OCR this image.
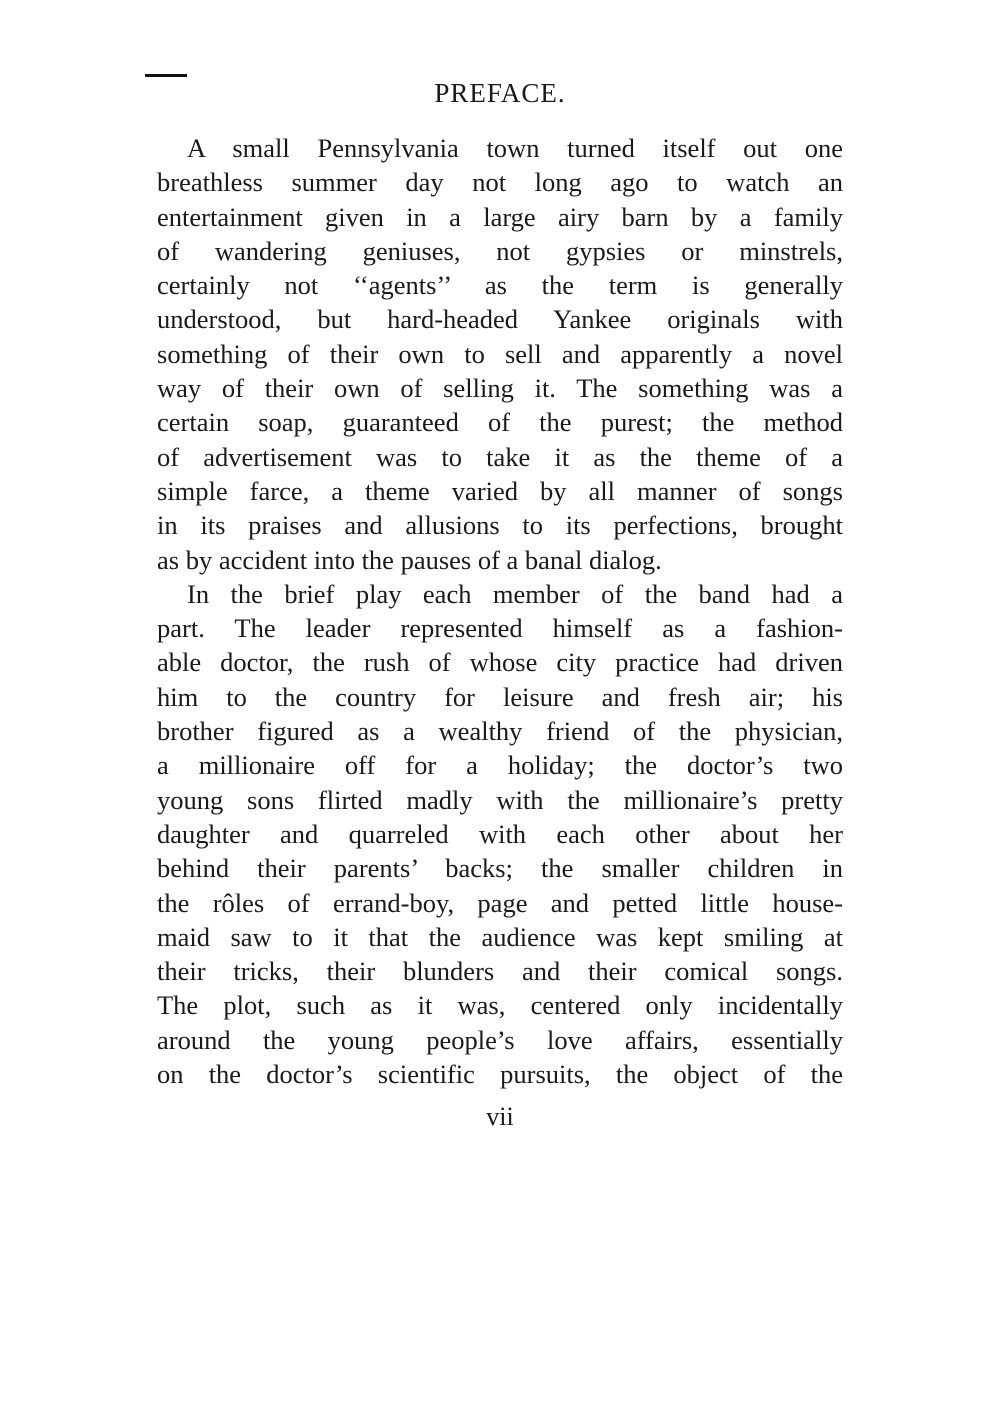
PREFACE.
A small Pennsylvania town turned itself out one
breathless summer day not long ago to watch an
entertainment given in a large airy barn by a family
of wandering geniuses, not gypsies or minstrels,
certainly not ‘‘agents’’ as the term is generally
understood, but hard-headed Yankee originals with
something of their own to sell and apparently a novel
way of their own of selling it. The something was a
certain soap, guaranteed of the purest; the method
of advertisement was to take it as the theme of a
simple farce, a theme varied by all manner of songs
in its praises and allusions to its perfections, brought
as by accident into the pauses of a banal dialog.
In the brief play each member of the band had a
part. The leader represented himself as a fashion-
able doctor, the rush of whose city practice had driven
him to the country for leisure and fresh air; his
brother figured as a wealthy friend of the physician,
a millionaire off for a holiday; the doctor’s two
young sons flirted madly with the millionaire’s pretty
daughter and quarreled with each other about her
behind their parents’ backs; the smaller children in
the rôles of errand-boy, page and petted little house-
maid saw to it that the audience was kept smiling at
their tricks, their blunders and their comical songs.
The plot, such as it was, centered only incidentally
around the young people’s love affairs, essentially
on the doctor’s scientific pursuits, the object of the
vii
